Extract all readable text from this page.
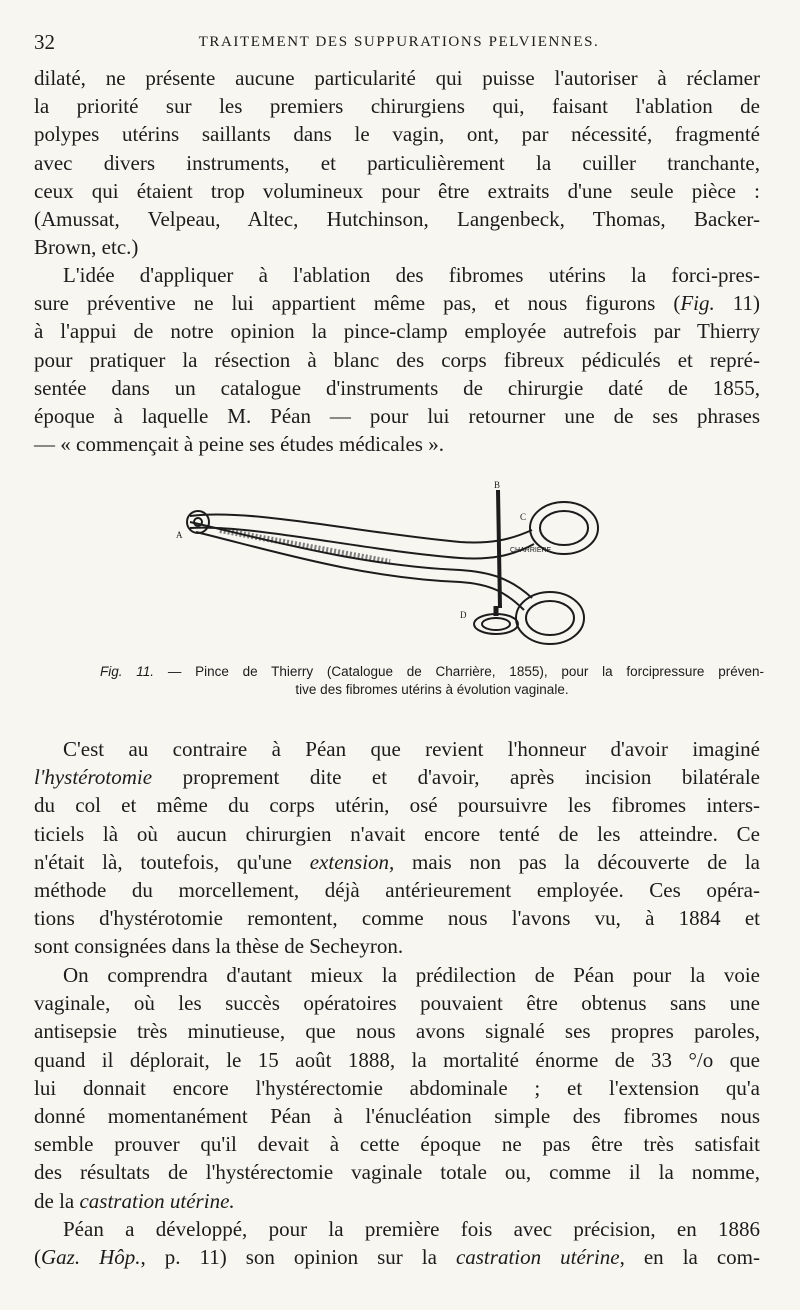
32	TRAITEMENT DES SUPPURATIONS PELVIENNES.
dilaté, ne présente aucune particularité qui puisse l'autoriser à réclamer
la priorité sur les premiers chirurgiens qui, faisant l'ablation de
polypes utérins saillants dans le vagin, ont, par nécessité, fragmenté
avec divers instruments, et particulièrement la cuiller tranchante,
ceux qui étaient trop volumineux pour être extraits d'une seule pièce :
(Amussat, Velpeau, Altec, Hutchinson, Langenbeck, Thomas, Backer-
Brown, etc.)
L'idée d'appliquer à l'ablation des fibromes utérins la forci-pres-
sure préventive ne lui appartient même pas, et nous figurons (Fig. 11)
à l'appui de notre opinion la pince-clamp employée autrefois par Thierry
pour pratiquer la résection à blanc des corps fibreux pédiculés et repré-
sentée dans un catalogue d'instruments de chirurgie daté de 1855,
époque à laquelle M. Péan — pour lui retourner une de ses phrases
— « commençait à peine ses études médicales ».
CHARRIERE
A
B
C
D
Fig. 11. — Pince de Thierry (Catalogue de Charrière, 1855), pour la forcipressure préven-
tive des fibromes utérins à évolution vaginale.
C'est au contraire à Péan que revient l'honneur d'avoir imaginé
l'hystérotomie proprement dite et d'avoir, après incision bilatérale
du col et même du corps utérin, osé poursuivre les fibromes inters-
ticiels là où aucun chirurgien n'avait encore tenté de les atteindre. Ce
n'était là, toutefois, qu'une extension, mais non pas la découverte de la
méthode du morcellement, déjà antérieurement employée. Ces opéra-
tions d'hystérotomie remontent, comme nous l'avons vu, à 1884 et
sont consignées dans la thèse de Secheyron.
On comprendra d'autant mieux la prédilection de Péan pour la voie
vaginale, où les succès opératoires pouvaient être obtenus sans une
antisepsie très minutieuse, que nous avons signalé ses propres paroles,
quand il déplorait, le 15 août 1888, la mortalité énorme de 33 °/o que
lui donnait encore l'hystérectomie abdominale ; et l'extension qu'a
donné momentanément Péan à l'énucléation simple des fibromes nous
semble prouver qu'il devait à cette époque ne pas être très satisfait
des résultats de l'hystérectomie vaginale totale ou, comme il la nomme,
de la castration utérine.
Péan a développé, pour la première fois avec précision, en 1886
(Gaz. Hôp., p. 11) son opinion sur la castration utérine, en la com-
